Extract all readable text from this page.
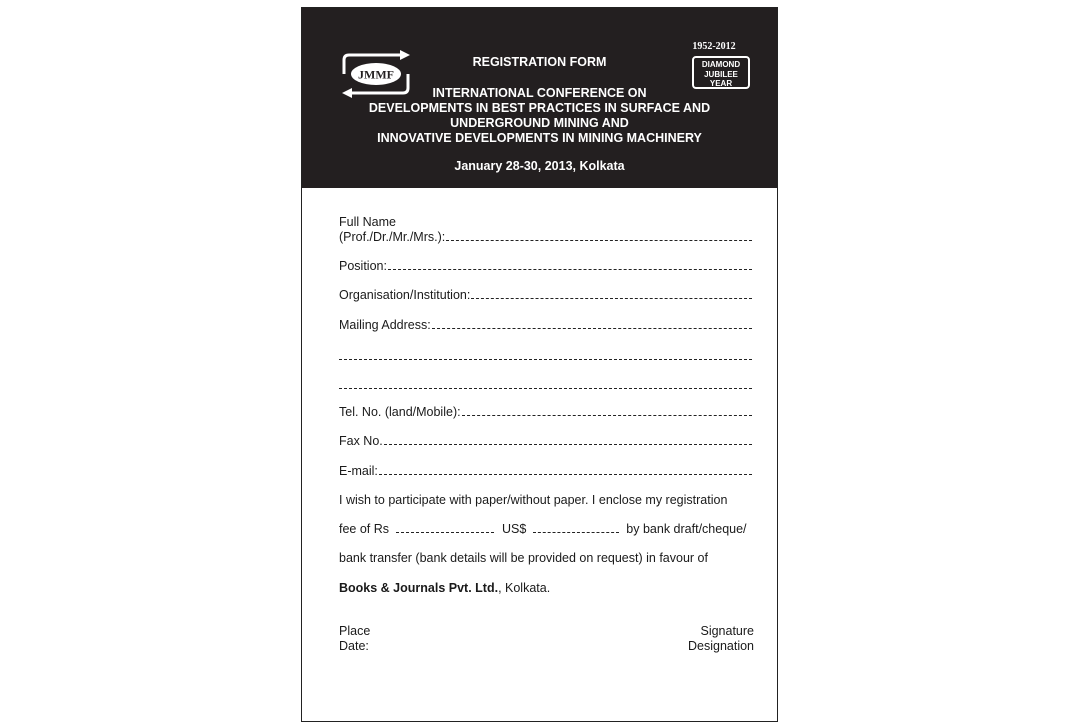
JMMF
1952-2012
DIAMOND
JUBILEE
YEAR
REGISTRATION FORM
INTERNATIONAL CONFERENCE ON
DEVELOPMENTS IN BEST PRACTICES IN SURFACE AND
UNDERGROUND MINING AND
INNOVATIVE DEVELOPMENTS IN MINING MACHINERY
January 28-30, 2013, Kolkata
Full Name
(Prof./Dr./Mr./Mrs.):
Position:
Organisation/Institution:
Mailing Address:
Tel. No. (land/Mobile):
Fax No.
E-mail:
I wish to participate with paper/without paper. I enclose my registration
fee of Rs	US$	by bank draft/cheque/
bank transfer (bank details will be provided on request) in favour of
Books & Journals Pvt. Ltd., Kolkata.
Place
Date:
Signature
Designation
